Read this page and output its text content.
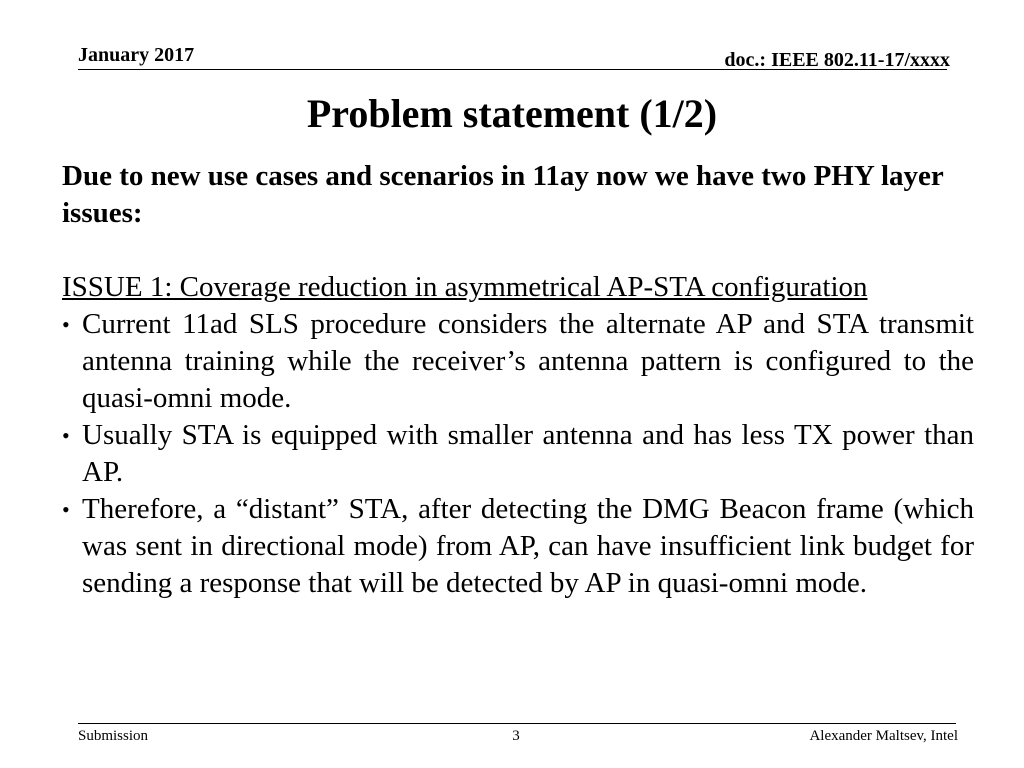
January 2017	doc.: IEEE 802.11-17/xxxx
Problem statement (1/2)

Due to new use cases and scenarios in 11ay now we have two PHY layer issues:

ISSUE 1: Coverage reduction in asymmetrical AP-STA configuration

• Current 11ad SLS procedure considers the alternate AP and STA transmit antenna training while the receiver’s antenna pattern is configured to the quasi-omni mode.
• Usually STA is equipped with smaller antenna and has less TX power than AP.
• Therefore, a “distant” STA, after detecting the DMG Beacon frame (which was sent in directional mode) from AP, can have insufficient link budget for sending a response that will be detected by AP in quasi-omni mode.
Submission	3	Alexander Maltsev, Intel
